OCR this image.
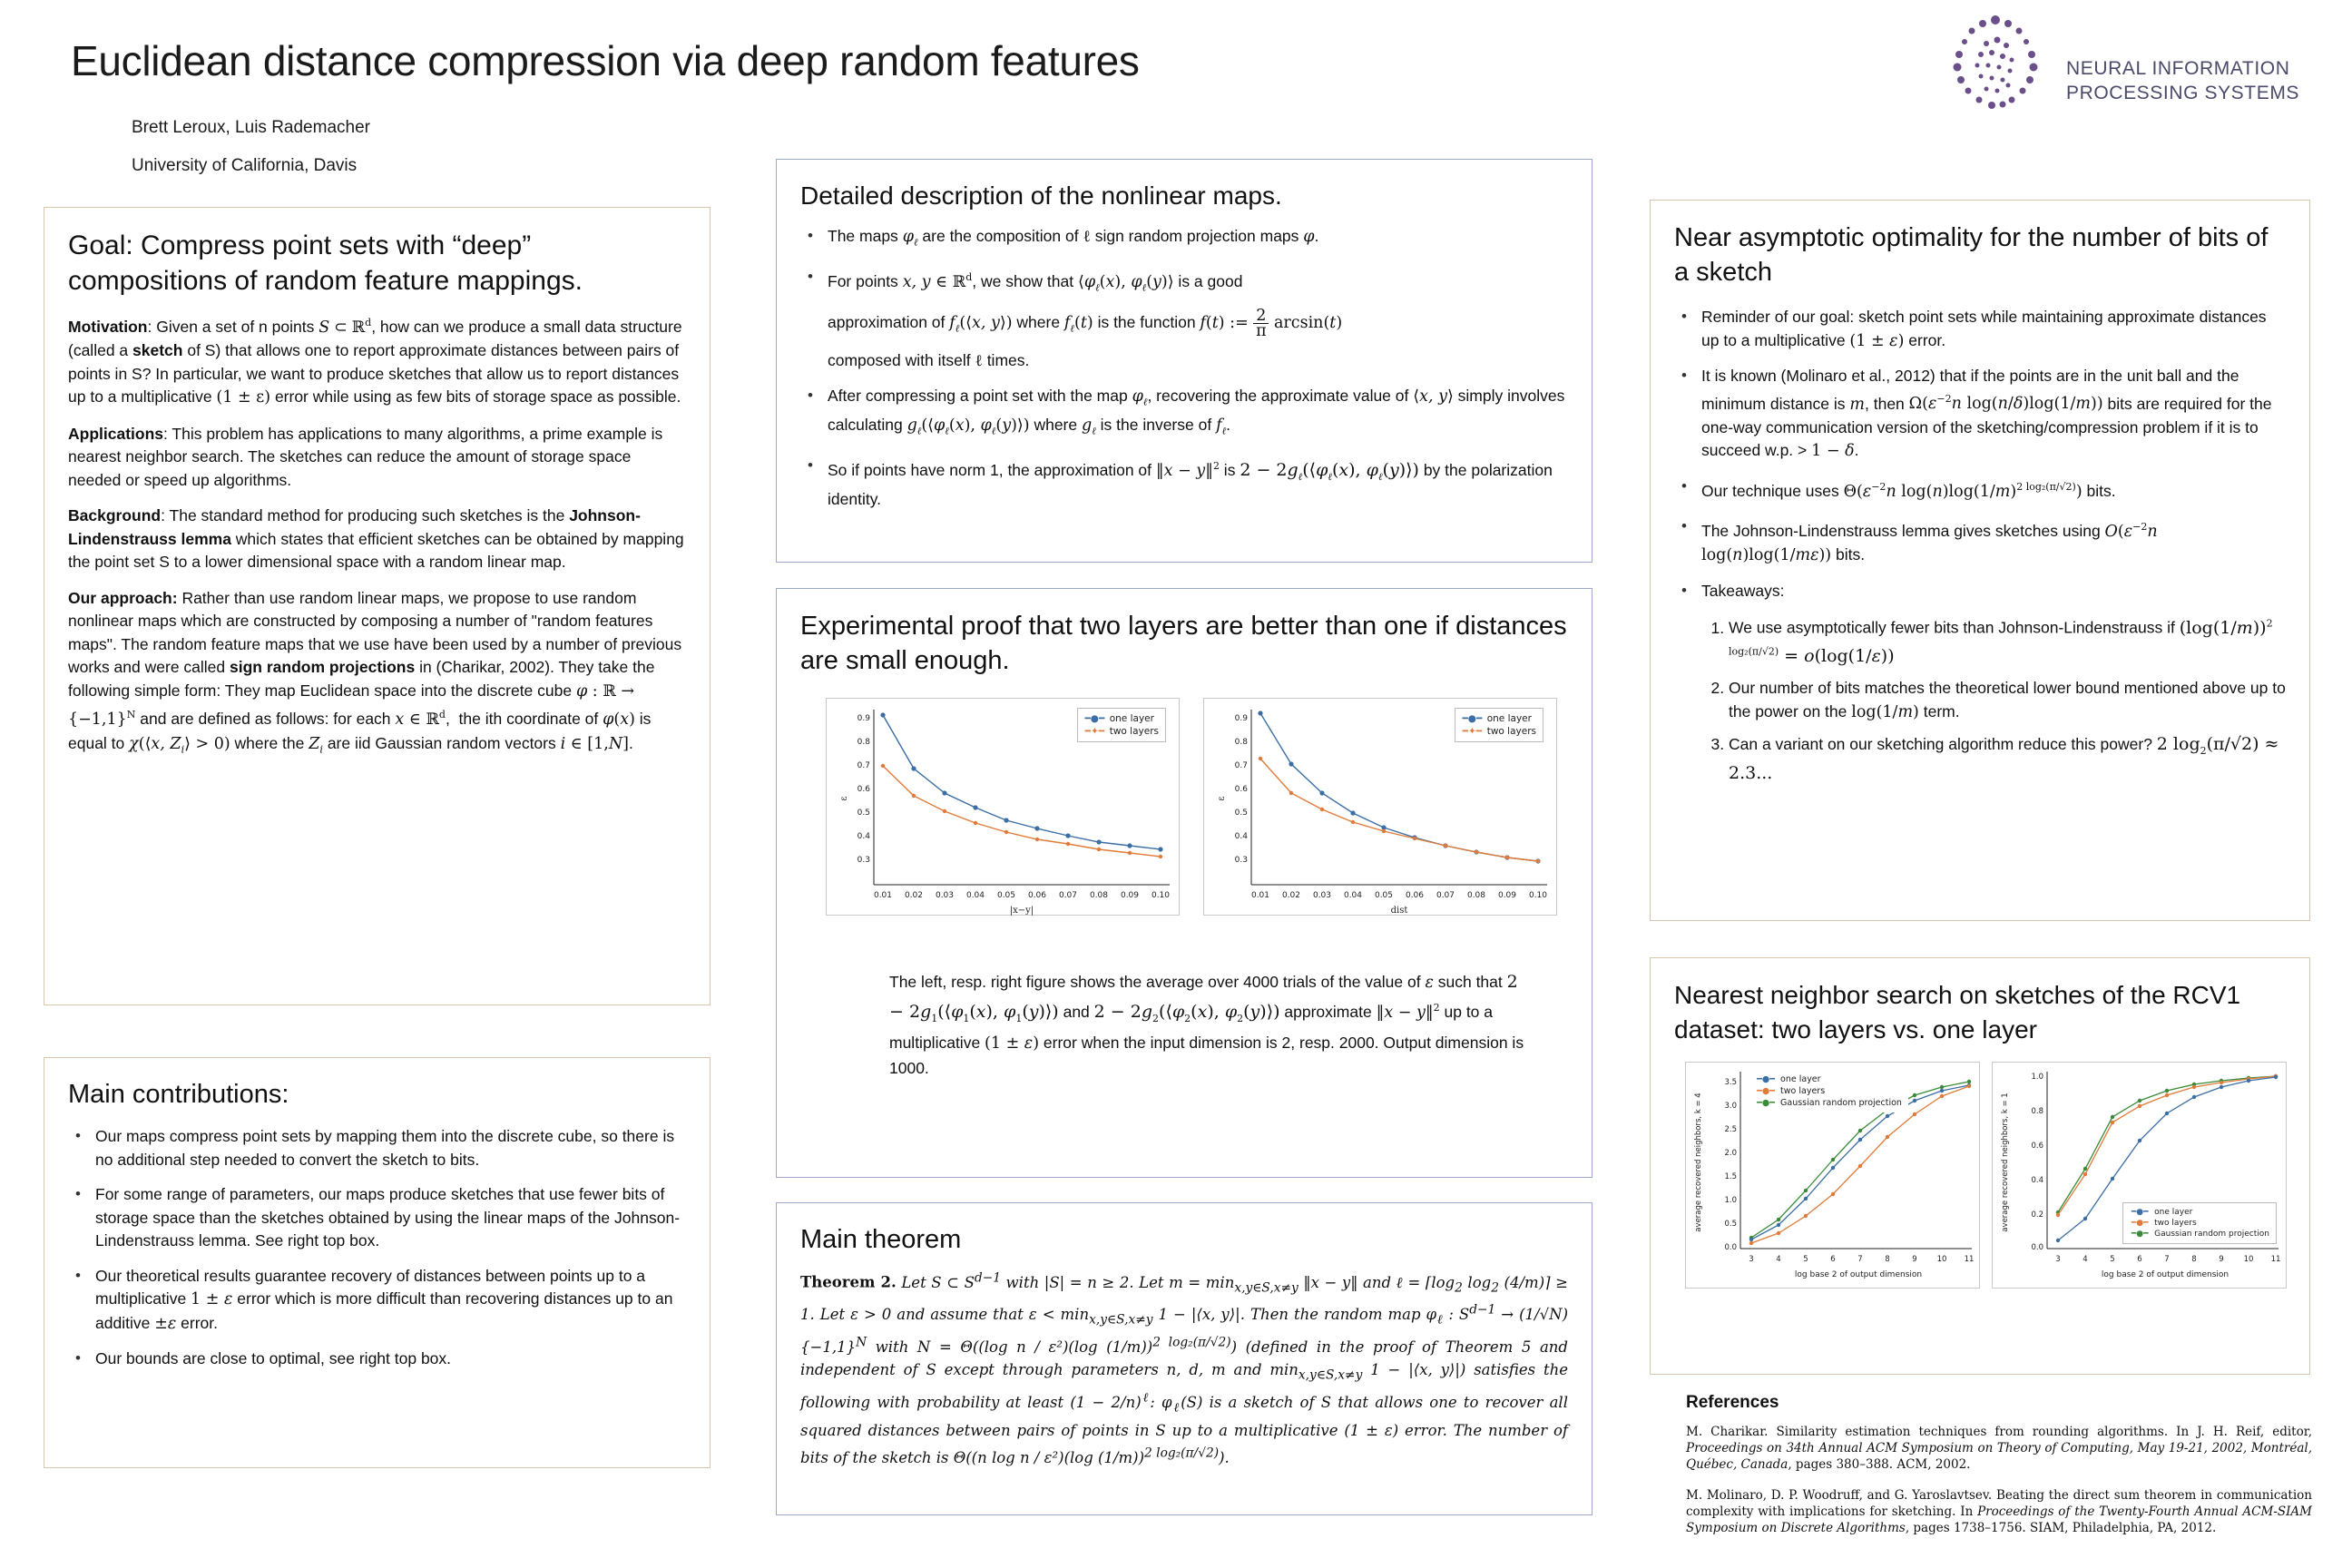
Euclidean distance compression via deep random features
Brett Leroux, Luis Rademacher
University of California, Davis
NEURAL INFORMATION
PROCESSING SYSTEMS
Goal: Compress point sets with “deep” compositions of random feature mappings.

Motivation: Given a set of n points S ⊂ ℝ$^d$, how can we produce a small data structure (called a sketch of S) that allows one to report approximate distances between pairs of points in S? In particular, we want to produce sketches that allow us to report distances up to a multiplicative (1 ± ε) error while using as few bits of storage space as possible.

Applications: This problem has applications to many algorithms, a prime example is nearest neighbor search. The sketches can reduce the amount of storage space needed or speed up algorithms.

Background: The standard method for producing such sketches is the Johnson-Lindenstrauss lemma which states that efficient sketches can be obtained by mapping the point set S to a lower dimensional space with a random linear map.

Our approach: Rather than use random linear maps, we propose to use random nonlinear maps which are constructed by composing a number of "random features maps". The random feature maps that we use have been used by a number of previous works and were called sign random projections in (Charikar, 2002). They take the following simple form: They map Euclidean space into the discrete cube φ : ℝ → $\{-1,1\}^N$ and are defined as follows: for each x ∈ ℝ$^d$,  the ith coordinate of φ(x) is equal to χ(⟨x, $Z_i⟩ > 0$) where the $Z_i$ are iid Gaussian random vectors i ∈ [1,N].

Main contributions:
• Our maps compress point sets by mapping them into the discrete cube, so there is no additional step needed to convert the sketch to bits.
• For some range of parameters, our maps produce sketches that use fewer bits of storage space than the sketches obtained by using the linear maps of the Johnson-Lindenstrauss lemma. See right top box.
• Our theoretical results guarantee recovery of distances between points up to a multiplicative 1 ± ε error which is more difficult than recovering distances up to an additive ±ε error.
• Our bounds are close to optimal, see right top box.
Detailed description of the nonlinear maps.
• The maps $\varphi_\ell$ are the composition of ℓ sign random projection maps φ.
• For points x, y ∈ ℝ$^d$, we show that $⟨\varphi_\ell(x)$, $\varphi_\ell(y)⟩$ is a good
approximation of $f_\ell(⟨x$, y⟩) where $f_\ell(t)$ is the function f(t) := $\frac{2}{\pi} \arcsin(t)$
composed with itself ℓ times.
• After compressing a point set with the map $\varphi_\ell$, recovering the approximate value of ⟨x, y⟩ simply involves calculating $g_\ell(⟨\varphi_\ell(x)$, $\varphi_\ell(y)⟩$) where $g_\ell$ is the inverse of $f_\ell$.
• So if points have norm 1, the approximation of ‖x − y‖$^2$ is $2 - 2g_\ell(⟨\varphi_\ell(x)$, $\varphi_\ell(y)⟩$) by the polarization identity.
Experimental proof that two layers are better than one if distances are small enough.
0.9
0.8
0.7
0.6
0.5
0.4
0.3
0.01 0.02 0.03 0.04 0.05 0.06 0.07 0.08 0.09 0.10
|x−y|
ε
━●━ one layer
━✦━ two layers
0.9
0.8
0.7
0.6
0.5
0.4
0.3
0.01 0.02 0.03 0.04 0.05 0.06 0.07 0.08 0.09 0.10
dist
ε
━●━ one layer
━✦━ two layers
The left, resp. right figure shows the average over 4000 trials of the value of ε such that $2 - 2g_1(⟨\varphi_1(x)$, $\varphi_1(y)⟩$) and $2 - 2g_2(⟨\varphi_2(x)$, $\varphi_2(y)⟩$) approximate ‖x − y‖$^2$ up to a multiplicative (1 ± ε) error when the input dimension is 2, resp. 2000. Output dimension is 1000.
Main theorem
Theorem 2. Let S ⊂ $S^{d-1}$ with |S| = n ≥ 2. Let $m = \min_{x,y\in S,x\ne y}$ ‖x − y‖ and ℓ = $⌈\log_2$ $\log_2$ (4/m)⌉ ≥ 1. Let ε > 0 and assume that $\varepsilon < \min_{x,y\in S,x\ne y} 1$ − |⟨x, y⟩|. Then the random map $\varphi_\ell$ : $S^{d-1} \to (1/√N)$ $\{-1,1\}^N$ with N = Θ((log n / ε²)(log (1/m))$^{2 log_2(\pi/√2)}$) (defined in the proof of Theorem 5 and independent of S except through parameters n, d, m and $\min_{x,y\in S,x\ne y} 1$ − |⟨x, y⟩|) satisfies the following with probability at least $(1 - 2/n)^\ell$: $\varphi_\ell(S)$ is a sketch of S that allows one to recover all squared distances between pairs of points in S up to a multiplicative (1 ± ε) error. The number of bits of the sketch is Θ((n log n / ε²)(log (1/m))$^{2 log_2(\pi/√2)}$).
Near asymptotic optimality for the number of bits of a sketch
• Reminder of our goal: sketch point sets while maintaining approximate distances up to a multiplicative (1 ± ε) error.
• It is known (Molinaro et al., 2012) that if the points are in the unit ball and the minimum distance is m, then $\Omega(\varepsilon^{-2}n$ log(n/δ)log(1/m)) bits are required for the one-way communication version of the sketching/compression problem if it is to succeed w.p. > 1 − δ.
• Our technique uses $\Theta(\varepsilon^{-2}n$ $\log(n)\log(1/m)^{2 log_2(\pi/√2)}$) bits.
• The Johnson-Lindenstrauss lemma gives sketches using $O(\varepsilon^{-2}n$ log(n)log(1/mε)) bits.
• Takeaways:
1. We use asymptotically fewer bits than Johnson-Lindenstrauss if $(\log(1/m))^{2 log_2(\pi/√2)} = o(\log(1/\varepsilon))$
2. Our number of bits matches the theoretical lower bound mentioned above up to the power on the log(1/m) term.
3. Can a variant on our sketching algorithm reduce this power? 2 $\log_2(\pi/√2) \approx 2.3$...
Nearest neighbor search on sketches of the RCV1 dataset: two layers vs. one layer
3.5
3.0
2.5
2.0
1.5
1.0
0.5
0.0
3	4	5	6	7	8	9	10 11
log base 2 of output dimension
average recovered neighbors, k = 4
━●━ one layer
━●━ two layers
━●━ Gaussian random projection
1.0
0.8
0.6
0.4
0.2
0.0
3	4	5	6	7	8	9	10 11
log base 2 of output dimension
average recovered neighbors, k = 1	━●━ one layer
━●━ two layers
━●━ Gaussian random projection
References

M. Charikar. Similarity estimation techniques from rounding algorithms. In J. H. Reif, editor, Proceedings on 34th Annual ACM Symposium on Theory of Computing, May 19-21, 2002, Montréal, Québec, Canada, pages 380–388. ACM, 2002.

M. Molinaro, D. P. Woodruff, and G. Yaroslavtsev. Beating the direct sum theorem in communication complexity with implications for sketching. In Proceedings of the Twenty-Fourth Annual ACM-SIAM Symposium on Discrete Algorithms, pages 1738–1756. SIAM, Philadelphia, PA, 2012.
